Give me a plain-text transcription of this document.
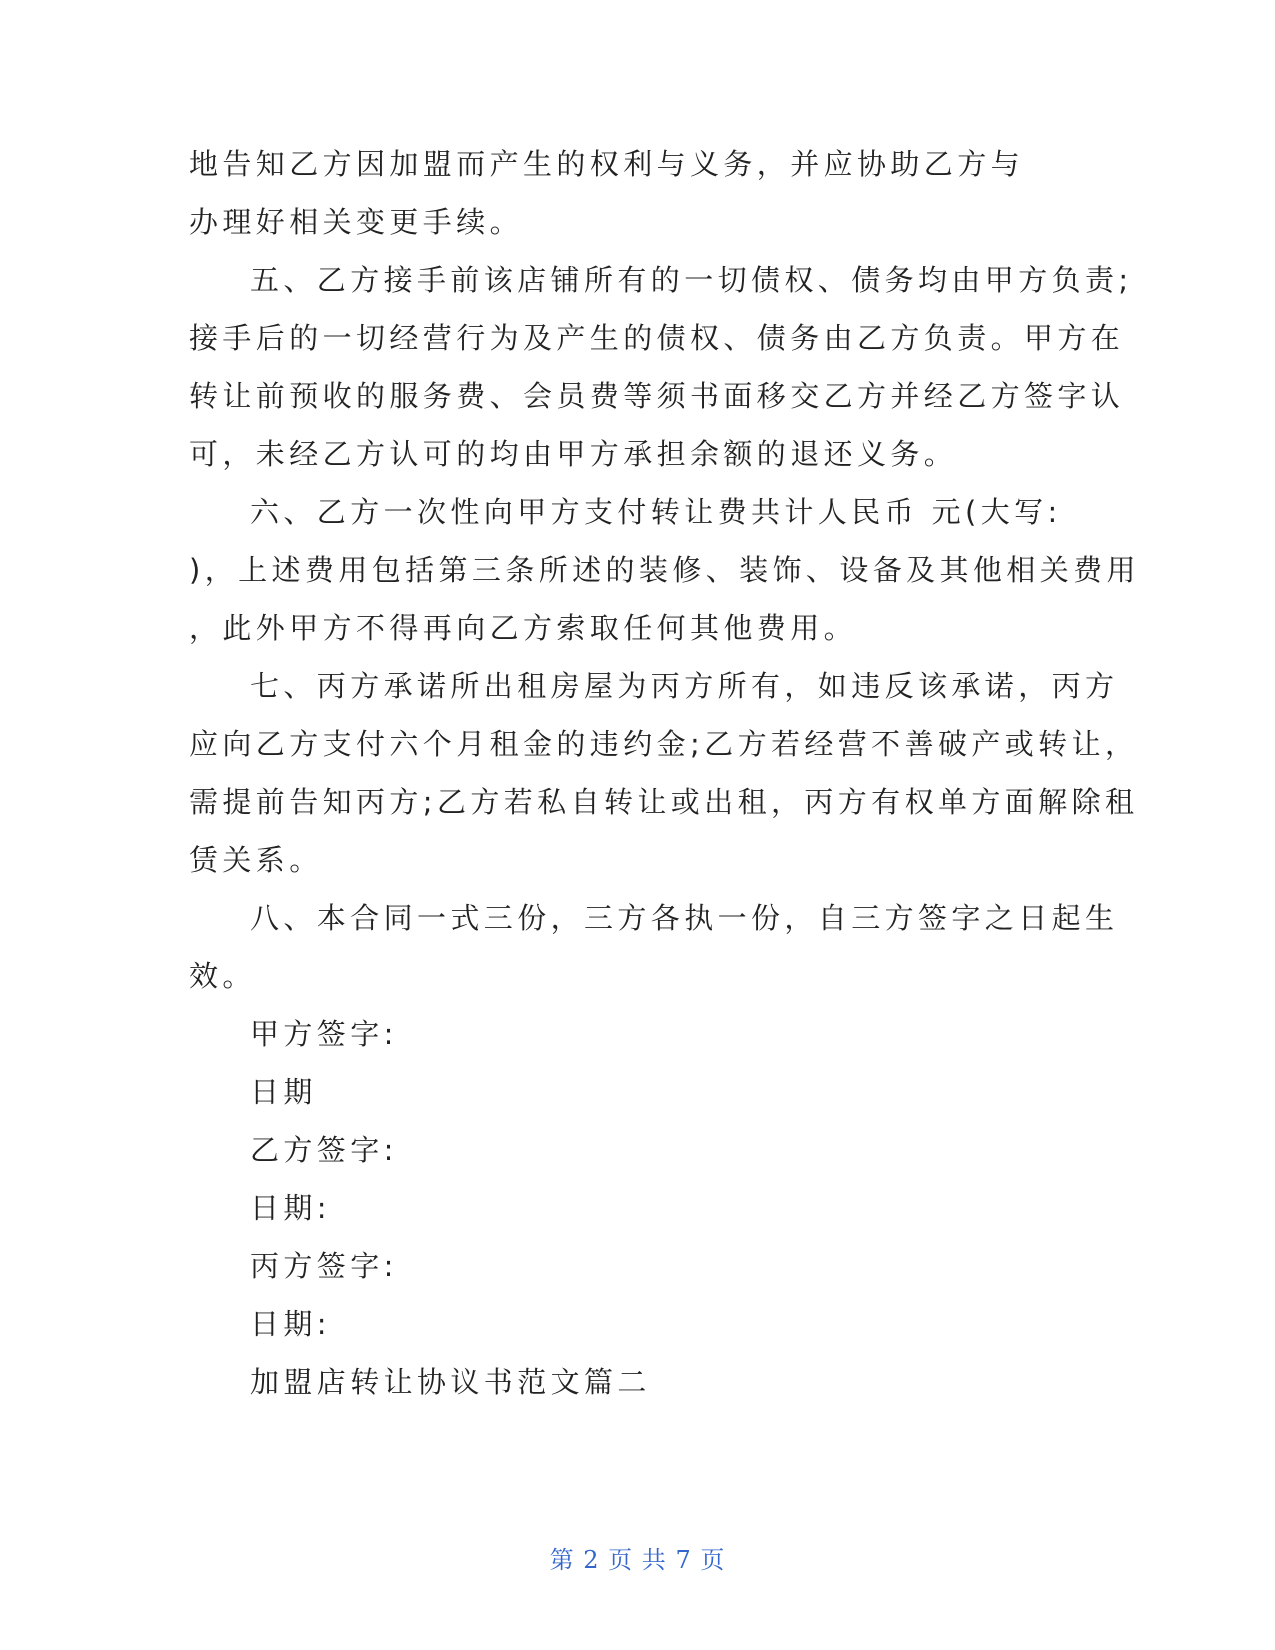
地告知乙方因加盟而产生的权利与义务，并应协助乙方与
办理好相关变更手续。
五、乙方接手前该店铺所有的一切债权、债务均由甲方负责;
接手后的一切经营行为及产生的债权、债务由乙方负责。甲方在
转让前预收的服务费、会员费等须书面移交乙方并经乙方签字认
可，未经乙方认可的均由甲方承担余额的退还义务。
六、乙方一次性向甲方支付转让费共计人民币 元(大写:
)，上述费用包括第三条所述的装修、装饰、设备及其他相关费用
，此外甲方不得再向乙方索取任何其他费用。
七、丙方承诺所出租房屋为丙方所有，如违反该承诺，丙方
应向乙方支付六个月租金的违约金;乙方若经营不善破产或转让，
需提前告知丙方;乙方若私自转让或出租，丙方有权单方面解除租
赁关系。
八、本合同一式三份，三方各执一份，自三方签字之日起生
效。
甲方签字:
日期
乙方签字:
日期:
丙方签字:
日期:
加盟店转让协议书范文篇二
第 2 页 共 7 页
